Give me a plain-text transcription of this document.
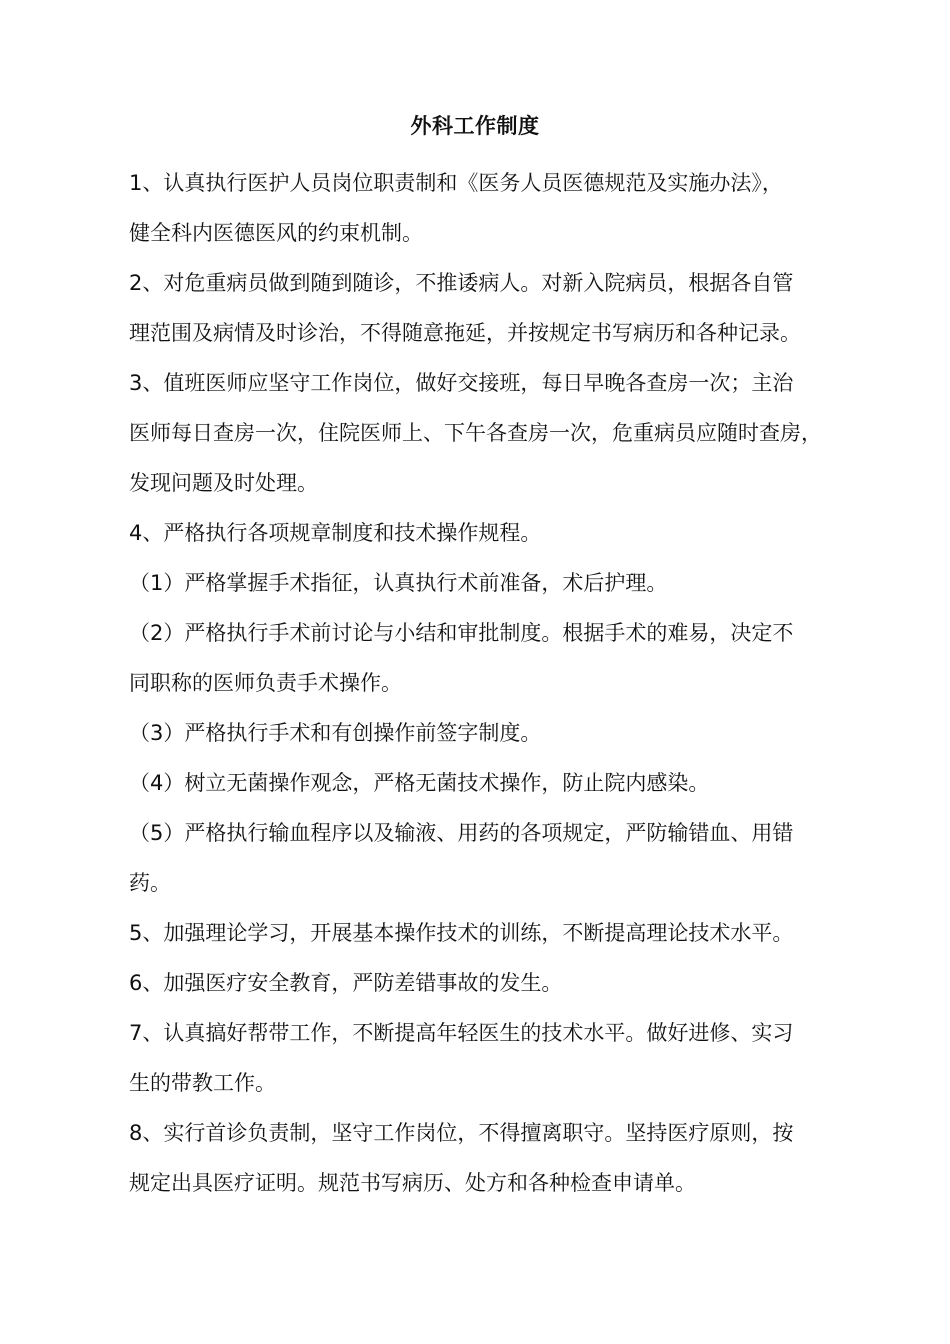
外科工作制度

1、认真执行医护人员岗位职责制和《医务人员医德规范及实施办法》，
健全科内医德医风的约束机制。

2、对危重病员做到随到随诊，不推诿病人。对新入院病员，根据各自管
理范围及病情及时诊治，不得随意拖延，并按规定书写病历和各种记录。

3、值班医师应坚守工作岗位，做好交接班，每日早晚各查房一次；主治
医师每日查房一次，住院医师上、下午各查房一次，危重病员应随时查房，
发现问题及时处理。

4、严格执行各项规章制度和技术操作规程。

（1）严格掌握手术指征，认真执行术前准备，术后护理。

（2）严格执行手术前讨论与小结和审批制度。根据手术的难易，决定不
同职称的医师负责手术操作。

（3）严格执行手术和有创操作前签字制度。

（4）树立无菌操作观念，严格无菌技术操作，防止院内感染。

（5）严格执行输血程序以及输液、用药的各项规定，严防输错血、用错
药。

5、加强理论学习，开展基本操作技术的训练，不断提高理论技术水平。

6、加强医疗安全教育，严防差错事故的发生。

7、认真搞好帮带工作，不断提高年轻医生的技术水平。做好进修、实习
生的带教工作。

8、实行首诊负责制，坚守工作岗位，不得擅离职守。坚持医疗原则，按
规定出具医疗证明。规范书写病历、处方和各种检查申请单。
